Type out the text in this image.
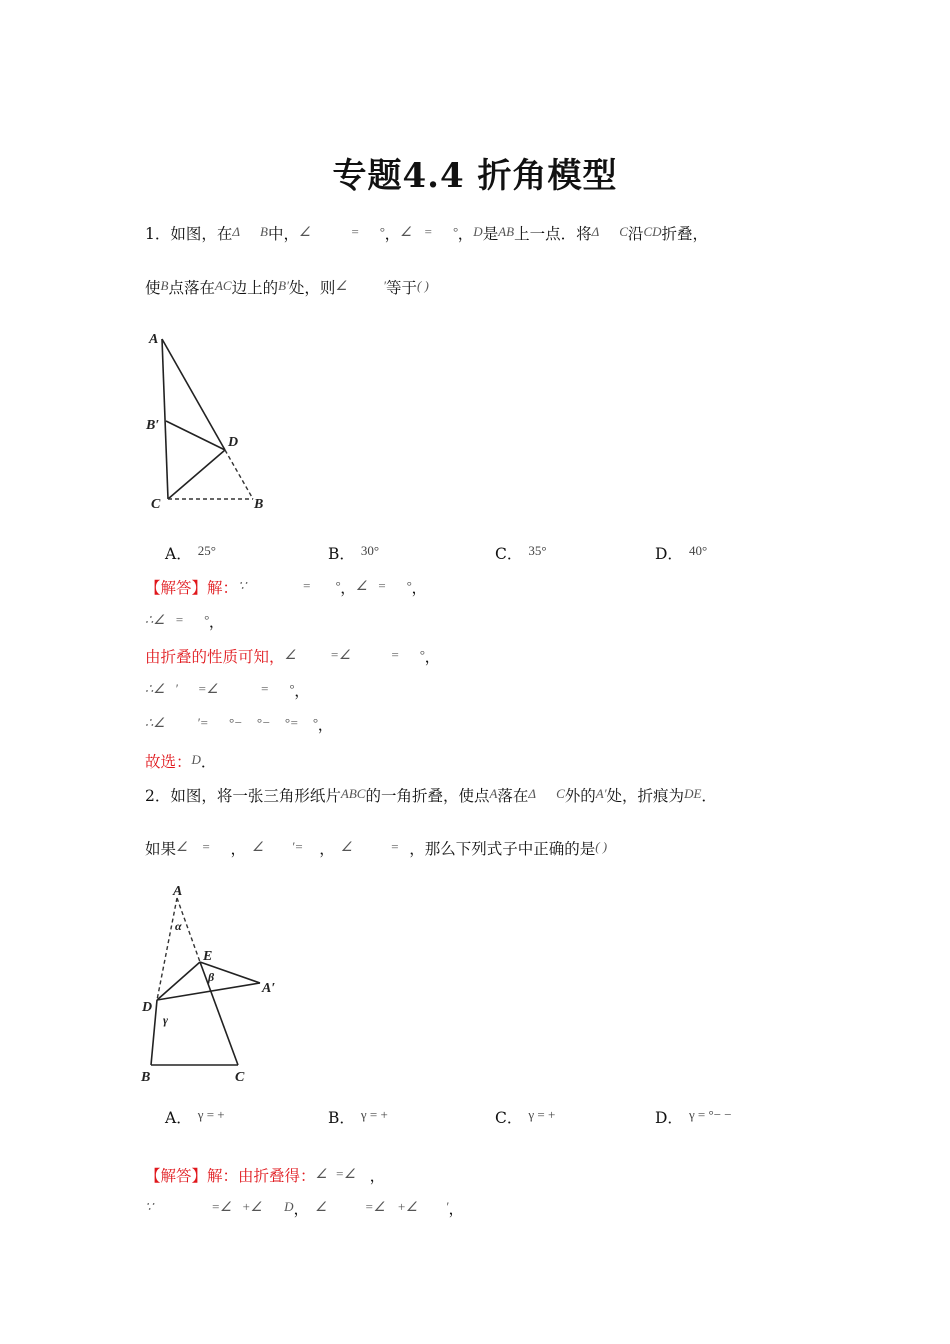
专题4.4 折角模型
1．如图，在Δ B中，∠	= °，∠ = °，D是AB上一点．将Δ C沿CD折叠，
使B点落在AC边上的B′处，则∠	′等于( )
A
B′
D
C	B
A． $^{25^\circ}$	B． $^{30^\circ}$	C． $^{35^\circ}$	D． $^{40^\circ}$
【解答】解：∵	= °，∠ = °，
∴∠ = °，
由折叠的性质可知，∠	=∠	= °，
∴∠ ′ =∠	= °，
∴∠ ′= °− °− °= °，
故选：D．
2．如图，将一张三角形纸片ABC的一角折叠，使点A落在Δ C外的A′处，折痕为DE．
如果∠ = ， ∠ ′= ， ∠	= ，那么下列式子中正确的是( )
A
α
E
β
A′
D
γ
B	C
A． $^{\gamma = +}$	B． $^{\gamma = +}$	C． $^{\gamma = +}$	D． $^{\gamma = ^\circ- -}$
【解答】解：由折叠得：∠ =∠ ，
∵	=∠ +∠ D， ∠	=∠ +∠ ′，
